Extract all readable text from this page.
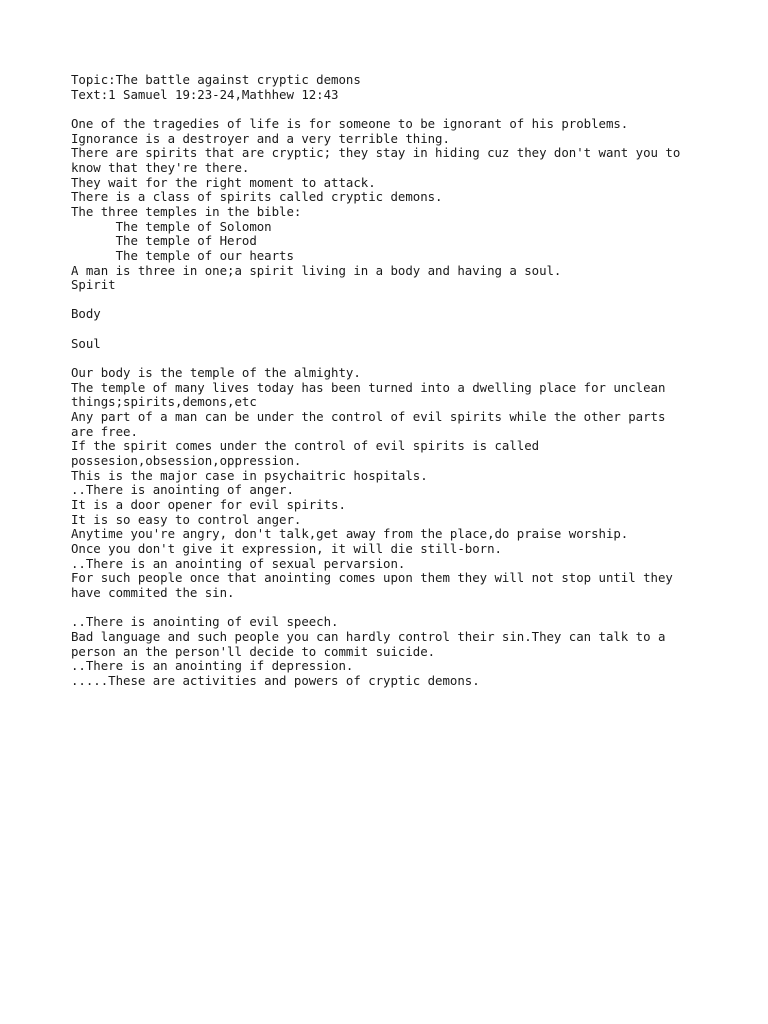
Topic:The battle against cryptic demons
Text:1 Samuel 19:23-24,Mathhew 12:43
One of the tragedies of life is for someone to be ignorant of his problems.
Ignorance is a destroyer and a very terrible thing.
There are spirits that are cryptic; they stay in hiding cuz they don't want you to
know that they're there.
They wait for the right moment to attack.
There is a class of spirits called cryptic demons.
The three temples in the bible:
The temple of Solomon
The temple of Herod
The temple of our hearts
A man is three in one;a spirit living in a body and having a soul.
Spirit
Body
Soul
Our body is the temple of the almighty.
The temple of many lives today has been turned into a dwelling place for unclean
things;spirits,demons,etc
Any part of a man can be under the control of evil spirits while the other parts
are free.
If the spirit comes under the control of evil spirits is called
possesion,obsession,oppression.
This is the major case in psychaitric hospitals.
..There is anointing of anger.
It is a door opener for evil spirits.
It is so easy to control anger.
Anytime you're angry, don't talk,get away from the place,do praise worship.
Once you don't give it expression, it will die still-born.
..There is an anointing of sexual pervarsion.
For such people once that anointing comes upon them they will not stop until they
have commited the sin.
..There is anointing of evil speech.
Bad language and such people you can hardly control their sin.They can talk to a
person an the person'll decide to commit suicide.
..There is an anointing if depression.
.....These are activities and powers of cryptic demons.
